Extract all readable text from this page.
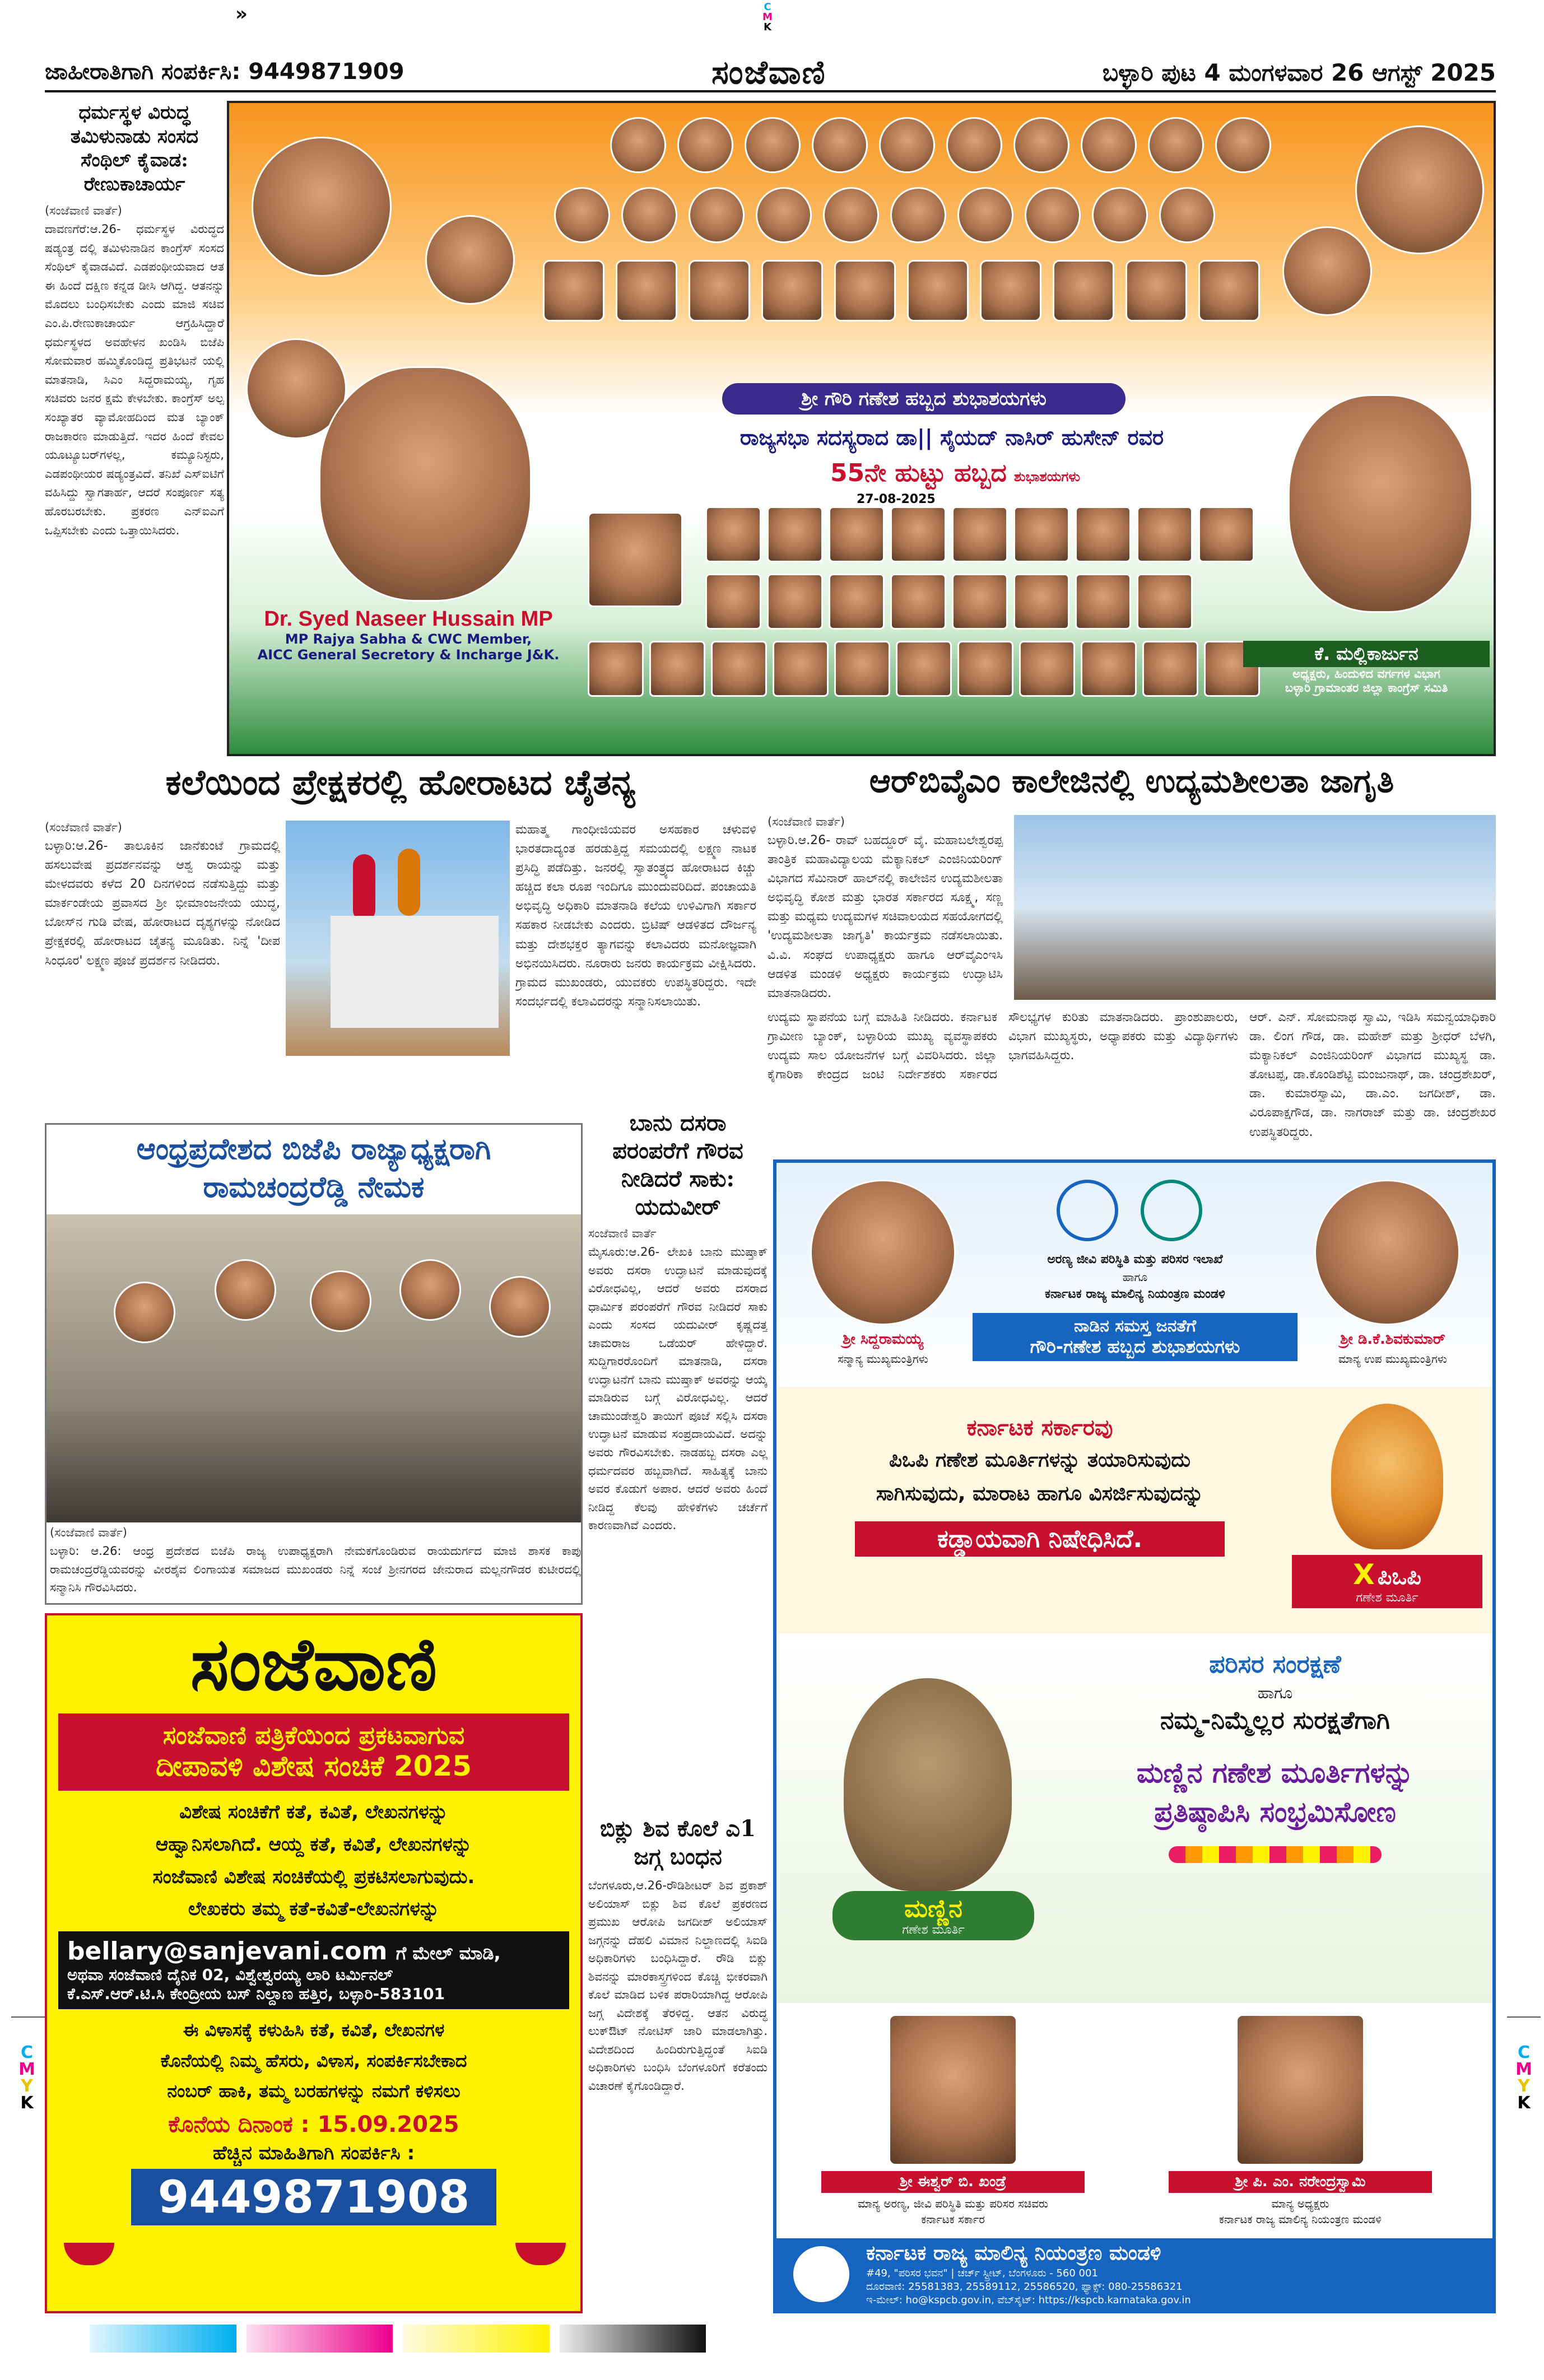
»	C
M
K
C
M
Y
K
C
M
Y
K
ಜಾಹೀರಾತಿಗಾಗಿ ಸಂಪರ್ಕಿಸಿ: 9449871909	ಸಂಜೆವಾಣಿ	ಬಳ್ಳಾರಿ ಪುಟ 4 ಮಂಗಳವಾರ 26 ಆಗಸ್ಟ್ 2025
ಧರ್ಮಸ್ಥಳ ವಿರುದ್ಧ ತಮಿಳುನಾಡು ಸಂಸದ ಸೆಂಥಿಲ್ ಕೈವಾಡ: ರೇಣುಕಾಚಾರ್ಯ
(ಸಂಜೆವಾಣಿ ವಾರ್ತೆ)
ದಾವಣಗೆರೆ:ಆ.26- ಧರ್ಮಸ್ಥಳ ವಿರುದ್ಧದ ಷಡ್ಯಂತ್ರ ದಲ್ಲಿ ತಮಿಳುನಾಡಿನ ಕಾಂಗ್ರೆಸ್ ಸಂಸದ ಸೆಂಥಿಲ್ ಕೈವಾಡವಿದೆ. ಎಡಪಂಥೀಯವಾದ ಆತ ಈ ಹಿಂದೆ ದಕ್ಷಿಣ ಕನ್ನಡ ಡೀಸಿ ಆಗಿದ್ದ. ಆತನನ್ನು ಮೊದಲು ಬಂಧಿಸಬೇಕು ಎಂದು ಮಾಜಿ ಸಚಿವ ಎಂ.ಪಿ.ರೇಣುಕಾಚಾರ್ಯ ಆಗ್ರಹಿಸಿದ್ದಾರೆ ಧರ್ಮಸ್ಥಳದ ಅವಹೇಳನ ಖಂಡಿಸಿ ಬಿಜೆಪಿ ಸೋಮವಾರ ಹಮ್ಮಿಕೊಂಡಿದ್ದ ಪ್ರತಿಭಟನೆ ಯಲ್ಲಿ ಮಾತನಾಡಿ, ಸಿಎಂ ಸಿದ್ದರಾಮಯ್ಯ, ಗೃಹ ಸಚಿವರು ಜನರ ಕ್ಷಮೆ ಕೇಳಬೇಕು. ಕಾಂಗ್ರೆಸ್ ಅಲ್ಪ ಸಂಖ್ಯಾತರ ವ್ಯಾಮೋಹದಿಂದ ಮತ ಬ್ಯಾಂಕ್ ರಾಜಕಾರಣ ಮಾಡುತ್ತಿದೆ. ಇದರ ಹಿಂದೆ ಕೇವಲ ಯೂಟ್ಯೂಬರ್‌ಗಳಲ್ಲ, ಕಮ್ಯೂನಿಸ್ಟರು, ಎಡಪಂಥೀಯರ ಷಡ್ಯಂತ್ರವಿದೆ. ತನಿಖೆ ಎಸ್‌ಐಟಿಗೆ ವಹಿಸಿದ್ದು ಸ್ವಾಗತಾರ್ಹ, ಆದರೆ ಸಂಪೂರ್ಣ ಸತ್ಯ ಹೊರಬರಬೇಕು. ಪ್ರಕರಣ ಎನ್‌ಐಎಗೆ ಒಪ್ಪಿಸಬೇಕು ಎಂದು ಒತ್ತಾಯಿಸಿದರು.
ಶ್ರೀ ಗೌರಿ ಗಣೇಶ ಹಬ್ಬದ ಶುಭಾಶಯಗಳು
ರಾಜ್ಯಸಭಾ ಸದಸ್ಯರಾದ ಡಾ|| ಸೈಯದ್ ನಾಸಿರ್ ಹುಸೇನ್ ರವರ
55ನೇ ಹುಟ್ಟು ಹಬ್ಬದ ಶುಭಾಶಯಗಳು
27-08-2025
Dr. Syed Naseer Hussain MP
MP Rajya Sabha & CWC Member,
AICC General Secretory & Incharge J&K.	ಕೆ. ಮಲ್ಲಿಕಾರ್ಜುನ
ಅಧ್ಯಕ್ಷರು, ಹಿಂದುಳಿದ ವರ್ಗಗಳ ವಿಭಾಗ
ಬಳ್ಳಾರಿ ಗ್ರಾಮಾಂತರ ಜಿಲ್ಲಾ ಕಾಂಗ್ರೆಸ್ ಸಮಿತಿ
ಕಲೆಯಿಂದ ಪ್ರೇಕ್ಷಕರಲ್ಲಿ ಹೋರಾಟದ ಚೈತನ್ಯ
(ಸಂಜೆವಾಣಿ ವಾರ್ತೆ)
ಬಳ್ಳಾರಿ:ಆ.26- ತಾಲೂಕಿನ ಜಾನೆಕುಂಟೆ ಗ್ರಾಮದಲ್ಲಿ ಹಸಲುವೇಷ ಪ್ರದರ್ಶನವನ್ನು ಆಶ್ವ ರಾಯನ್ನು ಮತ್ತು ಮೇಳದವರು ಕಳೆದ 20 ದಿನಗಳಿಂದ ನಡೆಸುತ್ತಿದ್ದು ಮತ್ತು ಮಾರ್ಕಂಡೇಯ ಪ್ರವಾಸದ ಶ್ರೀ ಭೀಮಾಂಜನೇಯ ಯುದ್ಧ, ಬೋಸ್‌ನ ಗುಡಿ ವೇಷ, ಹೋರಾಟದ ದೃಶ್ಯಗಳನ್ನು ನೋಡಿದ ಪ್ರೇಕ್ಷಕರಲ್ಲಿ ಹೋರಾಟದ ಚೈತನ್ಯ ಮೂಡಿತು. ನಿನ್ನೆ 'ದೀಪ ಸಿಂಧೂರ' ಲಕ್ಷ್ಮಣ ಪೂಜೆ ಪ್ರದರ್ಶನ ನೀಡಿದರು.
ಮಹಾತ್ಮ ಗಾಂಧೀಜಿಯವರ ಅಸಹಕಾರ ಚಳುವಳಿ ಭಾರತದಾದ್ಯಂತ ಹರಡುತ್ತಿದ್ದ ಸಮಯದಲ್ಲಿ ಲಕ್ಷ್ಮಣ ನಾಟಕ ಪ್ರಸಿದ್ಧಿ ಪಡೆದಿತ್ತು. ಜನರಲ್ಲಿ ಸ್ವಾತಂತ್ರ್ಯದ ಹೋರಾಟದ ಕಿಚ್ಚು ಹಚ್ಚಿದ ಕಲಾ ರೂಪ ಇಂದಿಗೂ ಮುಂದುವರಿದಿದೆ. ಪಂಚಾಯತಿ ಅಭಿವೃದ್ಧಿ ಅಧಿಕಾರಿ ಮಾತನಾಡಿ ಕಲೆಯ ಉಳಿವಿಗಾಗಿ ಸರ್ಕಾರ ಸಹಕಾರ ನೀಡಬೇಕು ಎಂದರು. ಬ್ರಿಟಿಷ್ ಆಡಳಿತದ ದೌರ್ಜನ್ಯ ಮತ್ತು ದೇಶಭಕ್ತರ ತ್ಯಾಗವನ್ನು ಕಲಾವಿದರು ಮನೋಜ್ಞವಾಗಿ ಅಭಿನಯಿಸಿದರು. ನೂರಾರು ಜನರು ಕಾರ್ಯಕ್ರಮ ವೀಕ್ಷಿಸಿದರು. ಗ್ರಾಮದ ಮುಖಂಡರು, ಯುವಕರು ಉಪಸ್ಥಿತರಿದ್ದರು. ಇದೇ ಸಂದರ್ಭದಲ್ಲಿ ಕಲಾವಿದರನ್ನು ಸನ್ಮಾನಿಸಲಾಯಿತು.
ಆರ್‌ಬಿವೈಎಂ ಕಾಲೇಜಿನಲ್ಲಿ ಉದ್ಯಮಶೀಲತಾ ಜಾಗೃತಿ
(ಸಂಜೆವಾಣಿ ವಾರ್ತೆ)
ಬಳ್ಳಾರಿ.ಆ.26- ರಾವ್ ಬಹದ್ದೂರ್ ವೈ. ಮಹಾಬಲೇಶ್ವರಪ್ಪ ತಾಂತ್ರಿಕ ಮಹಾವಿದ್ಯಾಲಯ ಮೆಕ್ಯಾನಿಕಲ್ ಎಂಜಿನಿಯರಿಂಗ್ ವಿಭಾಗದ ಸೆಮಿನಾರ್ ಹಾಲ್‌ನಲ್ಲಿ ಕಾಲೇಜಿನ ಉದ್ಯಮಶೀಲತಾ ಅಭಿವೃದ್ಧಿ ಕೋಶ ಮತ್ತು ಭಾರತ ಸರ್ಕಾರದ ಸೂಕ್ಷ್ಮ, ಸಣ್ಣ ಮತ್ತು ಮಧ್ಯಮ ಉದ್ಯಮಗಳ ಸಚಿವಾಲಯದ ಸಹಯೋಗದಲ್ಲಿ 'ಉದ್ಯಮಶೀಲತಾ ಜಾಗೃತಿ' ಕಾರ್ಯಕ್ರಮ ನಡೆಸಲಾಯಿತು. ವಿ.ವಿ. ಸಂಘದ ಉಪಾಧ್ಯಕ್ಷರು ಹಾಗೂ ಆರ್‌ವೈಎಂಇಸಿ ಆಡಳಿತ ಮಂಡಳಿ ಅಧ್ಯಕ್ಷರು ಕಾರ್ಯಕ್ರಮ ಉದ್ಘಾಟಿಸಿ ಮಾತನಾಡಿದರು.
ಉದ್ಯಮ ಸ್ಥಾಪನೆಯ ಬಗ್ಗೆ ಮಾಹಿತಿ ನೀಡಿದರು. ಕರ್ನಾಟಕ ಗ್ರಾಮೀಣ ಬ್ಯಾಂಕ್, ಬಳ್ಳಾರಿಯ ಮುಖ್ಯ ವ್ಯವಸ್ಥಾಪಕರು ಉದ್ಯಮ ಸಾಲ ಯೋಜನೆಗಳ ಬಗ್ಗೆ ವಿವರಿಸಿದರು. ಜಿಲ್ಲಾ ಕೈಗಾರಿಕಾ ಕೇಂದ್ರದ ಜಂಟಿ ನಿರ್ದೇಶಕರು ಸರ್ಕಾರದ ಸೌಲಭ್ಯಗಳ ಕುರಿತು ಮಾತನಾಡಿದರು. ಪ್ರಾಂಶುಪಾಲರು, ವಿಭಾಗ ಮುಖ್ಯಸ್ಥರು, ಅಧ್ಯಾಪಕರು ಮತ್ತು ವಿದ್ಯಾರ್ಥಿಗಳು ಭಾಗವಹಿಸಿದ್ದರು.
ಆರ್. ಎನ್. ಸೋಮನಾಥ ಸ್ವಾಮಿ, ಇಡಿಸಿ ಸಮನ್ವಯಾಧಿಕಾರಿ ಡಾ. ಲಿಂಗ ಗೌಡ, ಡಾ. ಮಹೇಶ್ ಮತ್ತು ಶ್ರೀಧರ್ ಬೆಳಗಿ, ಮೆಕ್ಯಾನಿಕಲ್ ಎಂಜಿನಿಯರಿಂಗ್ ವಿಭಾಗದ ಮುಖ್ಯಸ್ಥ ಡಾ. ತೋಟಪ್ಪ, ಡಾ.ಕೊಂಡಿಶೆಟ್ಟಿ ಮಂಜುನಾಥ್, ಡಾ. ಚಂದ್ರಶೇಖರ್, ಡಾ. ಕುಮಾರಸ್ವಾಮಿ, ಡಾ.ಎಂ. ಜಗದೀಶ್, ಡಾ. ವಿರೂಪಾಕ್ಷಗೌಡ, ಡಾ. ನಾಗರಾಜ್ ಮತ್ತು ಡಾ. ಚಂದ್ರಶೇಖರ ಉಪಸ್ಥಿತರಿದ್ದರು.
ಆಂಧ್ರಪ್ರದೇಶದ ಬಿಜೆಪಿ ರಾಜ್ಯಾಧ್ಯಕ್ಷರಾಗಿ ರಾಮಚಂದ್ರರೆಡ್ಡಿ ನೇಮಕ
(ಸಂಜೆವಾಣಿ ವಾರ್ತೆ)
ಬಳ್ಳಾರಿ: ಆ.26: ಆಂಧ್ರ ಪ್ರದೇಶದ ಬಿಜೆಪಿ ರಾಜ್ಯ ಉಪಾಧ್ಯಕ್ಷರಾಗಿ ನೇಮಕಗೊಂಡಿರುವ ರಾಯದುರ್ಗದ ಮಾಜಿ ಶಾಸಕ ಕಾಪು ರಾಮಚಂದ್ರರೆಡ್ಡಿಯವರನ್ನು ವೀರಶೈವ ಲಿಂಗಾಯತ ಸಮಾಜದ ಮುಖಂಡರು ನಿನ್ನೆ ಸಂಜೆ ಶ್ರೀನಗರದ ಜೇನುರಾದ ಮಲ್ಲನಗೌಡರ ಕುಟೀರದಲ್ಲಿ ಸನ್ಮಾನಿಸಿ ಗೌರವಿಸಿದರು.
ಬಾನು ದಸರಾ ಪರಂಪರೆಗೆ ಗೌರವ ನೀಡಿದರೆ ಸಾಕು: ಯದುವೀರ್
ಸಂಜೆವಾಣಿ ವಾರ್ತೆ
ಮೈಸೂರು:ಆ.26- ಲೇಖಕಿ ಬಾನು ಮುಷ್ತಾಕ್ ಅವರು ದಸರಾ ಉದ್ಘಾಟನೆ ಮಾಡುವುದಕ್ಕೆ ವಿರೋಧವಿಲ್ಲ, ಆದರೆ ಅವರು ದಸರಾದ ಧಾರ್ಮಿಕ ಪರಂಪರೆಗೆ ಗೌರವ ನೀಡಿದರೆ ಸಾಕು ಎಂದು ಸಂಸದ ಯದುವೀರ್ ಕೃಷ್ಣದತ್ತ ಚಾಮರಾಜ ಒಡೆಯರ್ ಹೇಳಿದ್ದಾರೆ. ಸುದ್ದಿಗಾರರೊಂದಿಗೆ ಮಾತನಾಡಿ, ದಸರಾ ಉದ್ಘಾಟನೆಗೆ ಬಾನು ಮುಷ್ತಾಕ್ ಅವರನ್ನು ಆಯ್ಕೆ ಮಾಡಿರುವ ಬಗ್ಗೆ ವಿರೋಧವಿಲ್ಲ. ಆದರೆ ಚಾಮುಂಡೇಶ್ವರಿ ತಾಯಿಗೆ ಪೂಜೆ ಸಲ್ಲಿಸಿ ದಸರಾ ಉದ್ಘಾಟನೆ ಮಾಡುವ ಸಂಪ್ರದಾಯವಿದೆ. ಅದನ್ನು ಅವರು ಗೌರವಿಸಬೇಕು. ನಾಡಹಬ್ಬ ದಸರಾ ಎಲ್ಲ ಧರ್ಮದವರ ಹಬ್ಬವಾಗಿದೆ. ಸಾಹಿತ್ಯಕ್ಕೆ ಬಾನು ಅವರ ಕೊಡುಗೆ ಅಪಾರ. ಆದರೆ ಅವರು ಹಿಂದೆ ನೀಡಿದ್ದ ಕೆಲವು ಹೇಳಿಕೆಗಳು ಚರ್ಚೆಗೆ ಕಾರಣವಾಗಿವೆ ಎಂದರು.
ಬಿಕ್ಲು ಶಿವ ಕೊಲೆ ಎ1 ಜಗ್ಗ ಬಂಧನ
ಬೆಂಗಳೂರು,ಆ.26-ರೌಡಿಶೀಟರ್ ಶಿವ ಪ್ರಕಾಶ್ ಅಲಿಯಾಸ್ ಬಿಕ್ಲು ಶಿವ ಕೊಲೆ ಪ್ರಕರಣದ ಪ್ರಮುಖ ಆರೋಪಿ ಜಗದೀಶ್ ಅಲಿಯಾಸ್ ಜಗ್ಗನನ್ನು ದೆಹಲಿ ವಿಮಾನ ನಿಲ್ದಾಣದಲ್ಲಿ ಸಿಐಡಿ ಅಧಿಕಾರಿಗಳು ಬಂಧಿಸಿದ್ದಾರೆ. ರೌಡಿ ಬಿಕ್ಲು ಶಿವನನ್ನು ಮಾರಕಾಸ್ತ್ರಗಳಿಂದ ಕೊಚ್ಚಿ ಭೀಕರವಾಗಿ ಕೊಲೆ ಮಾಡಿದ ಬಳಿಕ ಪರಾರಿಯಾಗಿದ್ದ ಆರೋಪಿ ಜಗ್ಗ ವಿದೇಶಕ್ಕೆ ತೆರಳಿದ್ದ. ಆತನ ವಿರುದ್ಧ ಲುಕ್‌ಔಟ್ ನೋಟಿಸ್ ಜಾರಿ ಮಾಡಲಾಗಿತ್ತು. ವಿದೇಶದಿಂದ ಹಿಂದಿರುಗುತ್ತಿದ್ದಂತೆ ಸಿಐಡಿ ಅಧಿಕಾರಿಗಳು ಬಂಧಿಸಿ ಬೆಂಗಳೂರಿಗೆ ಕರೆತಂದು ವಿಚಾರಣೆ ಕೈಗೊಂಡಿದ್ದಾರೆ.
ಸಂಜೆವಾಣಿ
ಸಂಜೆವಾಣಿ ಪತ್ರಿಕೆಯಿಂದ ಪ್ರಕಟವಾಗುವ
ದೀಪಾವಳಿ ವಿಶೇಷ ಸಂಚಿಕೆ 2025
ವಿಶೇಷ ಸಂಚಿಕೆಗೆ ಕತೆ, ಕವಿತೆ, ಲೇಖನಗಳನ್ನು
ಆಹ್ವಾನಿಸಲಾಗಿದೆ. ಆಯ್ದ ಕತೆ, ಕವಿತೆ, ಲೇಖನಗಳನ್ನು
ಸಂಜೆವಾಣಿ ವಿಶೇಷ ಸಂಚಿಕೆಯಲ್ಲಿ ಪ್ರಕಟಿಸಲಾಗುವುದು.
ಲೇಖಕರು ತಮ್ಮ ಕತೆ-ಕವಿತೆ-ಲೇಖನಗಳನ್ನು
bellary@sanjevani.com ಗೆ ಮೇಲ್ ಮಾಡಿ,
ಅಥವಾ ಸಂಜೆವಾಣಿ ದೈನಿಕ 02, ವಿಶ್ವೇಶ್ವರಯ್ಯ ಲಾರಿ ಟರ್ಮಿನಲ್
ಕೆ.ಎಸ್.ಆರ್.ಟಿ.ಸಿ ಕೇಂದ್ರೀಯ ಬಸ್ ನಿಲ್ದಾಣ ಹತ್ತಿರ, ಬಳ್ಳಾರಿ-583101
ಈ ವಿಳಾಸಕ್ಕೆ ಕಳುಹಿಸಿ ಕತೆ, ಕವಿತೆ, ಲೇಖನಗಳ
ಕೊನೆಯಲ್ಲಿ ನಿಮ್ಮ ಹೆಸರು, ವಿಳಾಸ, ಸಂಪರ್ಕಿಸಬೇಕಾದ
ನಂಬರ್ ಹಾಕಿ, ತಮ್ಮ ಬರಹಗಳನ್ನು ನಮಗೆ ಕಳಿಸಲು
ಕೊನೆಯ ದಿನಾಂಕ : 15.09.2025
ಹೆಚ್ಚಿನ ಮಾಹಿತಿಗಾಗಿ ಸಂಪರ್ಕಿಸಿ :
9449871908
ಶ್ರೀ ಸಿದ್ದರಾಮಯ್ಯ
ಸನ್ಮಾನ್ಯ ಮುಖ್ಯಮಂತ್ರಿಗಳು
ಶ್ರೀ ಡಿ.ಕೆ.ಶಿವಕುಮಾರ್
ಮಾನ್ಯ ಉಪ ಮುಖ್ಯಮಂತ್ರಿಗಳು
ಅರಣ್ಯ ಜೀವಿ ಪರಿಸ್ಥಿತಿ ಮತ್ತು ಪರಿಸರ ಇಲಾಖೆ
ಹಾಗೂ
ಕರ್ನಾಟಕ ರಾಜ್ಯ ಮಾಲಿನ್ಯ ನಿಯಂತ್ರಣ ಮಂಡಳಿ
ನಾಡಿನ ಸಮಸ್ತ ಜನತೆಗೆ
ಗೌರಿ-ಗಣೇಶ ಹಬ್ಬದ ಶುಭಾಶಯಗಳು
ಕರ್ನಾಟಕ ಸರ್ಕಾರವು
ಪಿಒಪಿ ಗಣೇಶ ಮೂರ್ತಿಗಳನ್ನು ತಯಾರಿಸುವುದು
ಸಾಗಿಸುವುದು, ಮಾರಾಟ ಹಾಗೂ ವಿಸರ್ಜಿಸುವುದನ್ನು
ಕಡ್ಡಾಯವಾಗಿ ನಿಷೇಧಿಸಿದೆ.
X ಪಿಒಪಿ
ಗಣೇಶ ಮೂರ್ತಿ
ಮಣ್ಣಿನ
ಗಣೇಶ ಮೂರ್ತಿ
ಪರಿಸರ ಸಂರಕ್ಷಣೆ
ಹಾಗೂ
ನಮ್ಮ-ನಿಮ್ಮೆಲ್ಲರ ಸುರಕ್ಷತೆಗಾಗಿ
ಮಣ್ಣಿನ ಗಣೇಶ ಮೂರ್ತಿಗಳನ್ನು
ಪ್ರತಿಷ್ಠಾಪಿಸಿ ಸಂಭ್ರಮಿಸೋಣ
ಶ್ರೀ ಈಶ್ವರ್ ಬಿ. ಖಂಡ್ರೆ
ಮಾನ್ಯ ಅರಣ್ಯ, ಜೀವಿ ಪರಿಸ್ಥಿತಿ ಮತ್ತು ಪರಿಸರ ಸಚಿವರು
ಕರ್ನಾಟಕ ಸರ್ಕಾರ
ಶ್ರೀ ಪಿ. ಎಂ. ನರೇಂದ್ರಸ್ವಾಮಿ
ಮಾನ್ಯ ಅಧ್ಯಕ್ಷರು
ಕರ್ನಾಟಕ ರಾಜ್ಯ ಮಾಲಿನ್ಯ ನಿಯಂತ್ರಣ ಮಂಡಳಿ
ಕರ್ನಾಟಕ ರಾಜ್ಯ ಮಾಲಿನ್ಯ ನಿಯಂತ್ರಣ ಮಂಡಳಿ
#49, "ಪರಿಸರ ಭವನ" | ಚರ್ಚ್ ಸ್ಟ್ರೀಟ್, ಬೆಂಗಳೂರು - 560 001
ದೂರವಾಣಿ: 25581383, 25589112, 25586520, ಫ್ಯಾಕ್ಸ್: 080-25586321
ಇ-ಮೇಲ್: ho@kspcb.gov.in, ವೆಬ್‌ಸೈಟ್: https://kspcb.karnataka.gov.in
